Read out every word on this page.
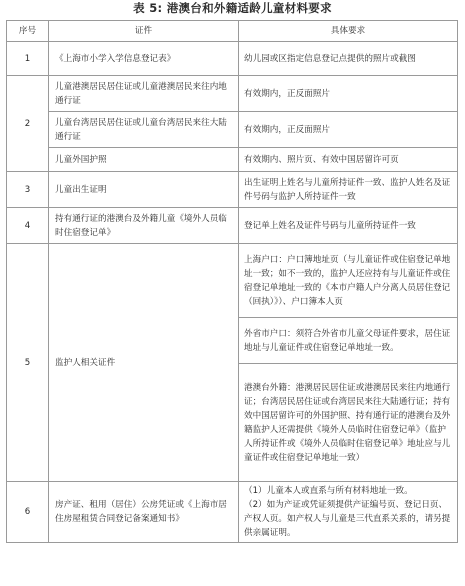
表 5: 港澳台和外籍适龄儿童材料要求
序号	证件	具体要求
1	《上海市小学入学信息登记表》	幼儿园或区指定信息登记点提供的照片或截图
2	儿童港澳居民居住证或儿童港澳居民来往内地通行证	有效期内，正反面照片
	儿童台湾居民居住证或儿童台湾居民来往大陆通行证	有效期内，正反面照片
	儿童外国护照	有效期内、照片页、有效中国居留许可页
3	儿童出生证明	出生证明上姓名与儿童所持证件一致、监护人姓名及证件号码与监护人所持证件一致
4	持有通行证的港澳台及外籍儿童《境外人员临时住宿登记单》	登记单上姓名及证件号码与儿童所持证件一致
5	监护人相关证件	上海户口：户口簿地址页（与儿童证件或住宿登记单地址一致；如不一致的，监护人还应持有与儿童证件或住宿登记单地址一致的《本市户籍人户分离人员居住登记（回执）》）、户口簿本人页
		外省市户口：须符合外省市儿童父母证件要求，居住证地址与儿童证件或住宿登记单地址一致。
		港澳台外籍：港澳居民居住证或港澳居民来往内地通行证；台湾居民居住证或台湾居民来往大陆通行证；持有效中国居留许可的外国护照、持有通行证的港澳台及外籍监护人还需提供《境外人员临时住宿登记单》（监护人所持证件或《境外人员临时住宿登记单》地址应与儿童证件或住宿登记单地址一致）
6	房产证、租用（居住）公房凭证或《上海市居住房屋租赁合同登记备案通知书》	（1）儿童本人或直系与所有材料地址一致。
（2）如为产证或凭证须提供产证编号页、登记日页、产权人页。如产权人与儿童是三代直系关系的，请另提供亲属证明。
